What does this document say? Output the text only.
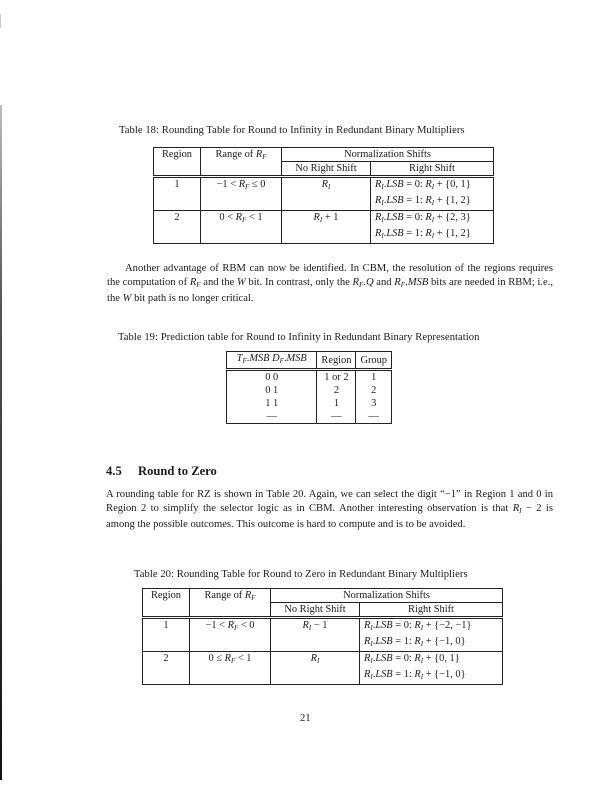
Table 18: Rounding Table for Round to Infinity in Redundant Binary Multipliers
Region	Range of $R_F$	Normalization Shifts	
		No Right Shift	Right Shift
1	$-1 < R_F \le 0$	$R_I$	$R_I.LSB = 0$: $R_I + \{0$, 1}
			$R_I.LSB = 1$: $R_I + \{1$, 2}
2	$0 < R_F < 1$	$R_I + 1$	$R_I.LSB = 0$: $R_I + \{2$, 3}
			$R_I.LSB = 1$: $R_I + \{1$, 2}
Another advantage of RBM can now be identified. In CBM, the resolution of the regions requires the computation of $R_F$ and the W bit. In contrast, only the $R_F.Q$ and $R_F.MSB$ bits are needed in RBM; i.e., the W bit path is no longer critical.
Table 19: Prediction table for Round to Infinity in Redundant Binary Representation
$T_F.MSB$ $D_F.MSB$	Region	Group
0 0	1 or 2	1
0 1	2	2
1 1	1	3
—	—	—
4.5 Round to Zero
A rounding table for RZ is shown in Table 20. Again, we can select the digit “−1” in Region 1 and 0 in Region 2 to simplify the selector logic as in CBM. Another interesting observation is that $R_I - 2$ is among the possible outcomes. This outcome is hard to compute and is to be avoided.
Table 20: Rounding Table for Round to Zero in Redundant Binary Multipliers
Region	Range of $R_F$	Normalization Shifts	
		No Right Shift	Right Shift
1	$-1 < R_F < 0$	$R_I - 1$	$R_I.LSB = 0$: $R_I + \{-2$, −1}
			$R_I.LSB = 1$: $R_I + \{-1$, 0}
2	$0 \le R_F < 1$	$R_I$	$R_I.LSB = 0$: $R_I + \{0$, 1}
			$R_I.LSB = 1$: $R_I + \{-1$, 0}
21
